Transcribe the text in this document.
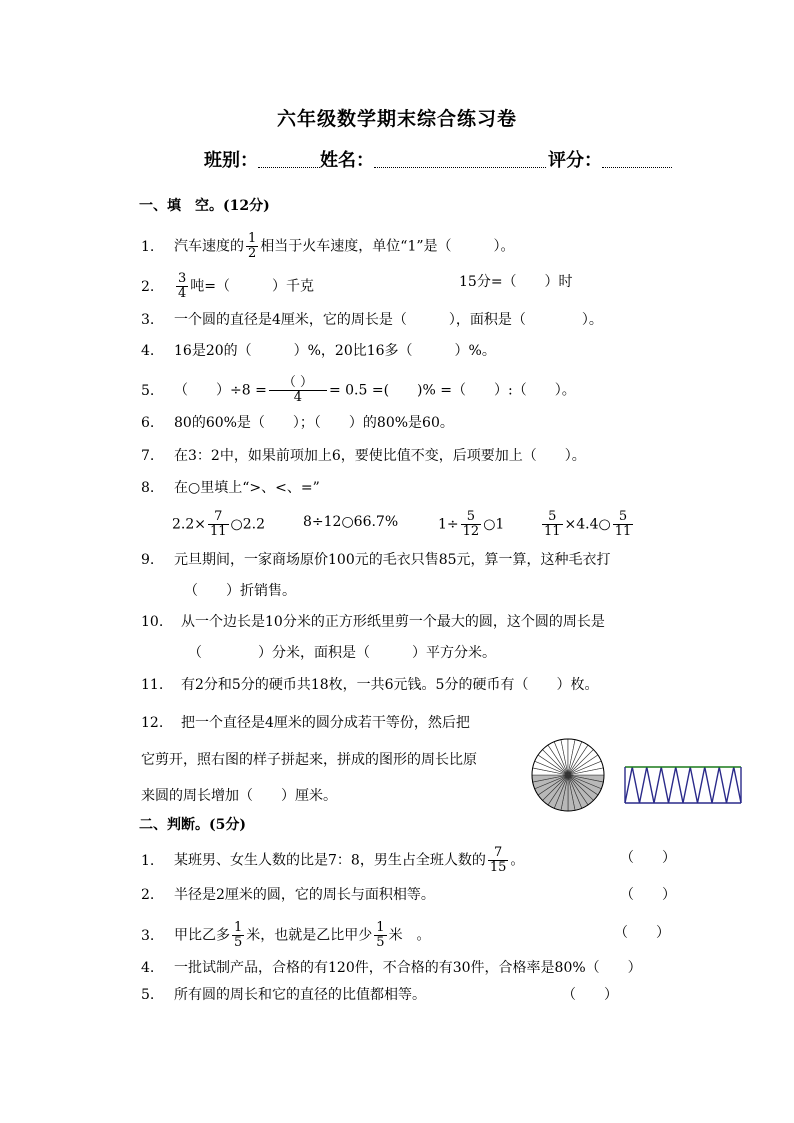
六年级数学期末综合练习卷
班别：	姓名：	评分：
一、填　空。(12分)
1. 汽车速度的 $\frac{1}{2}$ 相当于火车速度，单位“1”是（　　　）。
2. $\frac{3}{4}$ 吨=（　　　）千克	15分=（　　）时
3. 一个圆的直径是4厘米，它的周长是（　　　），面积是（　　　　）。
4. 16是20的（　　　）%，20比16多（　　　）%。
5. （　　）$\div 8 = \frac{( )}{4} = 0.5$ =(　　)% =（　　）:（　　）。
6. 80的60%是（　　）；（　　）的80%是60。
7. 在3：2中，如果前项加上6，要使比值不变，后项要加上（　　）。
8. 在○里填上“>、<、=”
$2.2\times \frac{7}{11}$ ○2.2	8÷12○66.7%	$1\div \frac{5}{12}$ ○1	$\frac{5}{11}$ ×4.4○ $\frac{5}{11}$
9. 元旦期间，一家商场原价100元的毛衣只售85元，算一算，这种毛衣打
（　　）折销售。
10. 从一个边长是10分米的正方形纸里剪一个最大的圆，这个圆的周长是
（　　　　）分米，面积是（　　　）平方分米。
11. 有2分和5分的硬币共18枚，一共6元钱。5分的硬币有（　　）枚。
12. 把一个直径是4厘米的圆分成若干等份，然后把
它剪开，照右图的样子拼起来，拼成的图形的周长比原
来圆的周长增加（　　）厘米。
二、判断。(5分)
1. 某班男、女生人数的比是7：8，男生占全班人数的 $\frac{7}{15}$ 。	（　　）
2. 半径是2厘米的圆，它的周长与面积相等。	（　　）
3. 甲比乙多 $\frac{1}{5}$ 米，也就是乙比甲少 $\frac{1}{5}$ 米　。	（　　）
4. 一批试制产品，合格的有120件，不合格的有30件，合格率是80%（　　）
5. 所有圆的周长和它的直径的比值都相等。	（　　）
